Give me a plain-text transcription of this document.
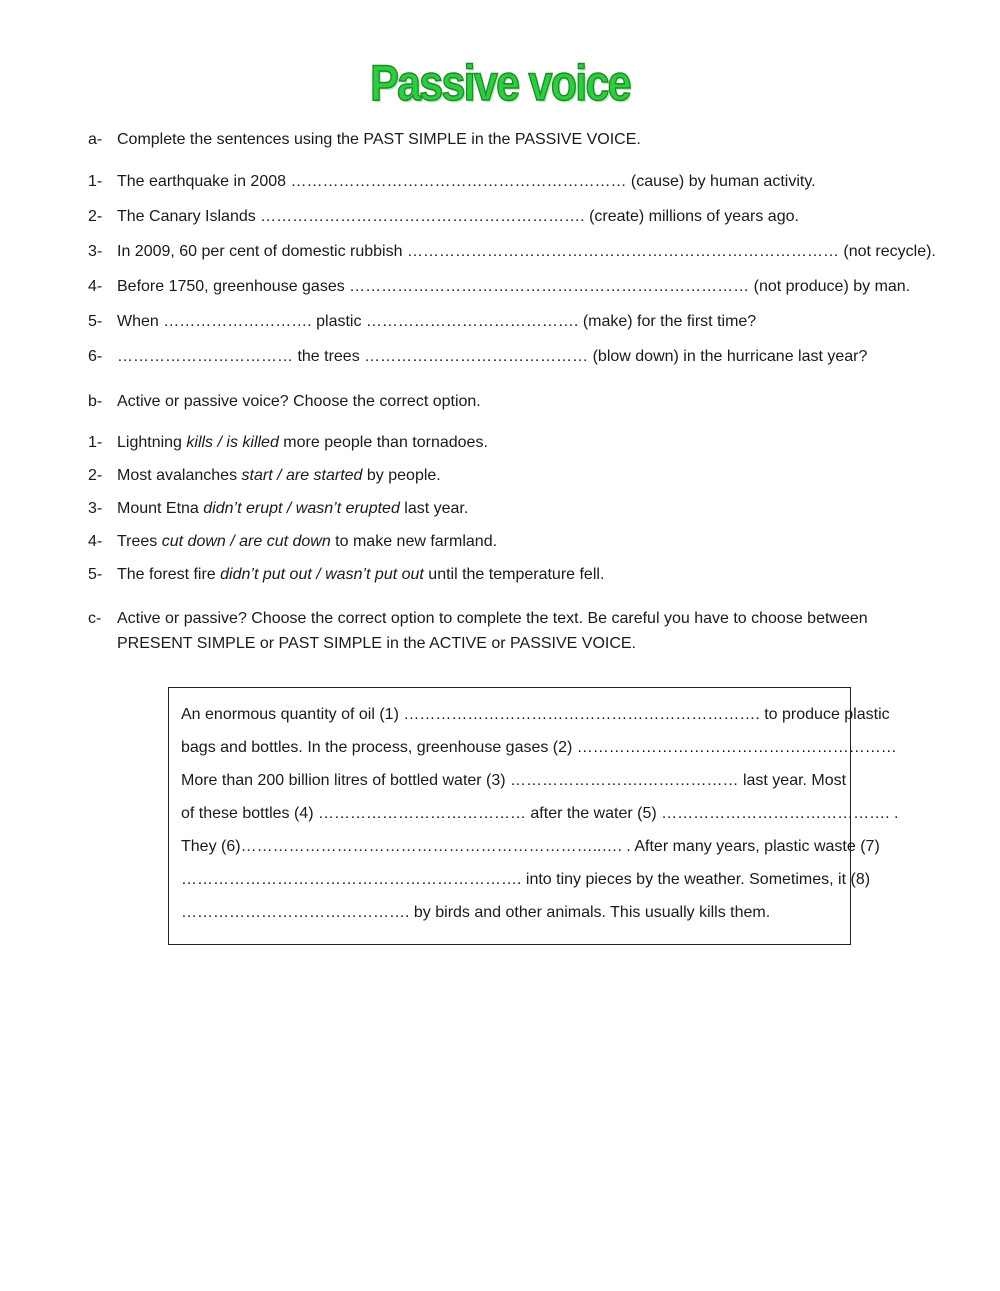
Passive voice
a- Complete the sentences using the PAST SIMPLE in the PASSIVE VOICE.
1- The earthquake in 2008 ……………………………………………………… (cause) by human activity.
2- The Canary Islands ……………………………………………………. (create) millions of years ago.
3- In 2009, 60 per cent of domestic rubbish ……………………………………………………………………… (not recycle).
4- Before 1750, greenhouse gases ………………………………………………………………… (not produce) by man.
5- When ………………………. plastic …………………………………. (make) for the first time?
6- …………………………… the trees …………………………………… (blow down) in the hurricane last year?
b- Active or passive voice? Choose the correct option.
1- Lightning kills / is killed more people than tornadoes.
2- Most avalanches start / are started by people.
3- Mount Etna didn’t erupt / wasn’t erupted last year.
4- Trees cut down / are cut down to make new farmland.
5- The forest fire didn’t put out / wasn’t put out until the temperature fell.
c- Active or passive? Choose the correct option to complete the text. Be careful you have to choose between
PRESENT SIMPLE or PAST SIMPLE in the ACTIVE or PASSIVE VOICE.
An enormous quantity of oil (1) …………………………………………………………. to produce plastic
bags and bottles. In the process, greenhouse gases (2) ……………………………………………………
More than 200 billion litres of bottled water (3) …………………….……………… last year. Most
of these bottles (4) ………………………………… after the water (5) ……………………………………. .
They (6)…………………………………………………………..…. . After many years, plastic waste (7)
………………………………………………………. into tiny pieces by the weather. Sometimes, it (8)
……………………………………. by birds and other animals. This usually kills them.
